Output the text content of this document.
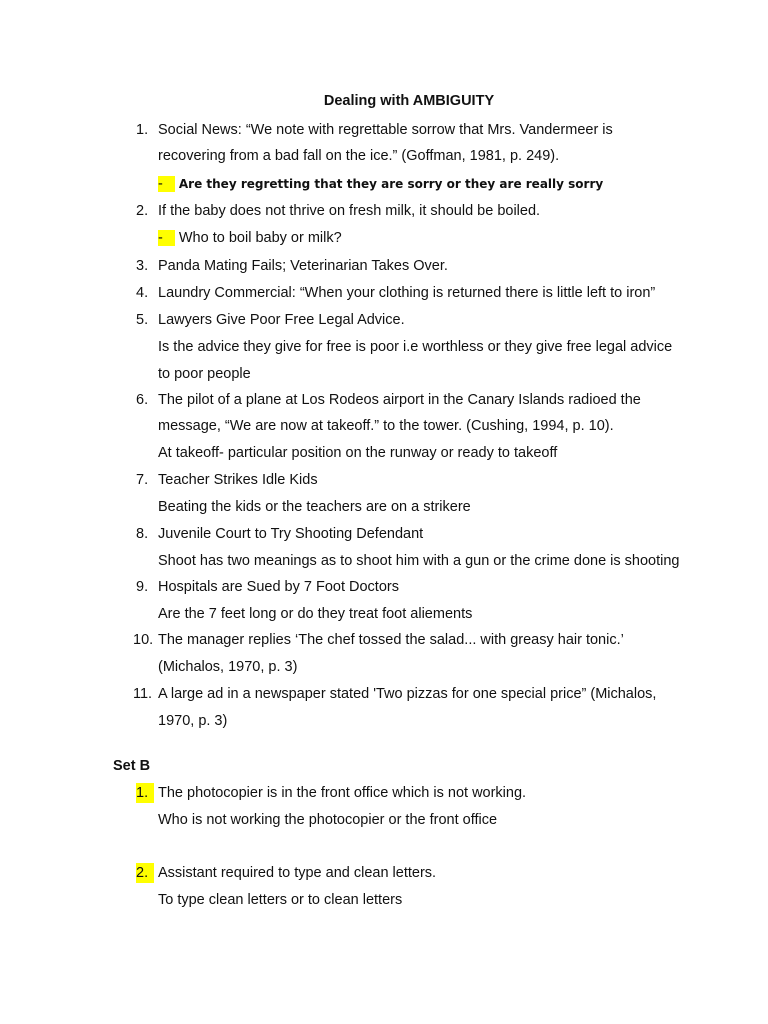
Dealing with AMBIGUITY
1. Social News: “We note with regrettable sorrow that Mrs. Vandermeer is
recovering from a bad fall on the ice.” (Goffman, 1981, p. 249).
- Are they regretting that they are sorry or they are really sorry
2. If the baby does not thrive on fresh milk, it should be boiled.
- Who to boil baby or milk?
3. Panda Mating Fails; Veterinarian Takes Over.
4. Laundry Commercial: “When your clothing is returned there is little left to iron”
5. Lawyers Give Poor Free Legal Advice.
Is the advice they give for free is poor i.e worthless or they give free legal advice
to poor people
6. The pilot of a plane at Los Rodeos airport in the Canary Islands radioed the
message, “We are now at takeoff.” to the tower. (Cushing, 1994, p. 10).
At takeoff- particular position on the runway or ready to takeoff
7. Teacher Strikes Idle Kids
Beating the kids or the teachers are on a strikere
8. Juvenile Court to Try Shooting Defendant
Shoot has two meanings as to shoot him with a gun or the crime done is shooting
9. Hospitals are Sued by 7 Foot Doctors
Are the 7 feet long or do they treat foot aliements
10. The manager replies ‘The chef tossed the salad... with greasy hair tonic.’
(Michalos, 1970, p. 3)
11. A large ad in a newspaper stated 'Two pizzas for one special price” (Michalos,
1970, p. 3)
Set B
1. The photocopier is in the front office which is not working.
Who is not working the photocopier or the front office
2. Assistant required to type and clean letters.
To type clean letters or to clean letters
